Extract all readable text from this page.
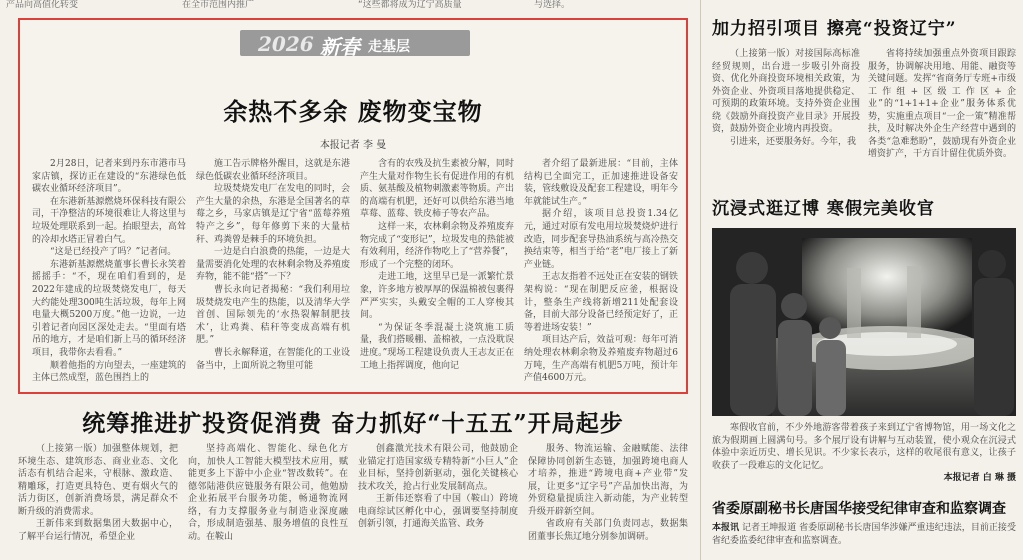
产品向高值化转变	在全市范围内推广	“这些都将成为辽宁高质量	与选择。
2026 新春 走基层
余热不多余 废物变宝物
本报记者 李 曼

2月28日，记者来到丹东市港市马家店镇，探访正在建设的“东港绿色低碳农业循环经济项目”。

在东港新基源燃烧环保科技有限公司，干净整洁的环境很难让人将这里与垃圾处理联系到一起。抬眼望去，高耸的冷却水塔正冒着白气。

“这是已经投产了吗？”记者问。

东港新基源燃烧董事长曹长永笑着摇摇手：“不，现在咱们看到的，是2022年建成的垃圾焚烧发电厂，每天大约能处理300吨生活垃圾，每年上网电量大概5200万度。”他一边说，一边引着记者向园区深处走去。“里面有塔吊的地方，才是咱们新上马的循环经济项目，我带你去看看。”

顺着他指的方向望去，一座建筑的主体已然成型，蓝色围挡上的

施工告示牌格外醒目，这就是东港绿色低碳农业循环经济项目。

垃圾焚烧发电厂在发电的同时，会产生大量的余热，东港是全国著名的草莓之乡，马家店镇是辽宁省“蓝莓养殖特产之乡”，每年修剪下来的大量枯秆、鸡粪曾是棘手的环境负担。

一边是白白浪费的热能，一边是大量需要消化处理的农林剩余物及养殖废弃物，能不能“搭”一下？

曹长永向记者揭秘：“我们利用垃圾焚烧发电产生的热能，以及清华大学首创、国际领先的‘水热裂解制肥技术’，让鸡粪、秸秆等变成高端有机肥。”

曹长永解释道，在智能化的工业设备当中，上面所说之物里可能

含有的农残及抗生素被分解，同时产生大量对作物生长有促进作用的有机质、氨基酸及植物刺激素等物质。产出的高端有机肥，还好可以供给东港当地草莓、蓝莓、铁皮柿子等农产品。

这样一来，农林剩余物及养殖废弃物完成了“变形记”，垃圾发电的热能被有效利用，经济作物吃上了“营养餐”，形成了一个完整的闭环。

走进工地，这里早已是一派繁忙景象，许多地方被厚厚的保温棉被包裹得严严实实，头戴安全帽的工人穿梭其间。

“为保证冬季混凝土浇筑施工质量，我们搭暖棚、盖棉被，一点没耽误进度。”现场工程建设负责人王志友正在工地上指挥调度，他向记

者介绍了最新进展：“目前，主体结构已全面完工，正加速推进设备安装，管线敷设及配套工程建设，明年今年就能试生产。”

据介绍，该项目总投资1.34亿元，通过对原有发电用垃圾焚烧炉进行改造，同步配套导热油系统与高冷热交换结束等，相当于给“老”电厂接上了新产业链。

王志友指着不远处正在安装的钢铁架构说：“现在制肥反应釜，根据设计，整条生产线将新增211处配套设备，目前大部分设备已经预定好了，正等着进场安装！”

项目达产后，效益可观：每年可消纳处理农林剩余物及养殖废弃物超过6万吨，生产高端有机肥5万吨，预计年产值4600万元。

统筹推进扩投资促消费 奋力抓好“十五五”开局起步

（上接第一版）加强整体规划，把环境生态、建筑形态、商业业态、文化活态有机结合起来，守根脉、激政造、精雕琢，打造更具特色、更有烟火气的活力街区，创新消费场景，满足群众不断升级的消费需求。

王新伟来到数据集团大数据中心，了解平台运行情况，希望企业

坚持高端化、智能化、绿色化方向，加快人工智能大模型技术应用，赋能更多上下游中小企业“智改数转”。在德邻陆港供应链服务有限公司，他勉励企业拓展平台服务功能，畅通物流网络，有力支撑服务业与制造业深度融合，形成制造强基、服务增值的良性互动。在鞍山

创鑫激光技术有限公司，他鼓励企业锚定打造国家级专精特新“小巨人”企业目标，坚持创新驱动，强化关键核心技术攻关，抢占行业发展制高点。

王新伟还察看了中国（鞍山）跨境电商综试区孵化中心，强调要坚持制度创新引领，打通海关监管、政务

服务、物流运输、金融赋能、法律保障协同创新生态链，加强跨境电商人才培养，推进“跨境电商+产业带”发展，让更多“辽字号”产品加快出海，为外贸稳量提质注入新动能，为产业转型升级开辟新空间。

省政府有关部门负责同志，数据集团董事长焦辽地分别参加调研。

加力招引项目 擦亮“投资辽宁”

（上接第一版）对接国际高标准经贸规则，出台进一步吸引外商投资、优化外商投资环境相关政策，为外资企业、外资项目落地提供稳定、可预期的政策环境。支持外资企业围绕《鼓励外商投资产业目录》开展投资，鼓励外资企业境内再投资。

引进来，还要服务好。今年，我

省将持续加强重点外资项目跟踪服务，协调解决用地、用能、融资等关键问题。发挥“省商务厅专班+市级工作组+区级工作区+企业”的“1+1+1+企业”服务体系优势，实施重点项目“一企一策”精准帮扶，及时解决外企生产经营中遇到的各类“急难愁盼”，鼓励现有外资企业增资扩产，干方百计留住优质外资。

沉浸式逛辽博 寒假完美收官

寒假收官前，不少外地游客带着孩子来到辽宁省博物馆，用一场文化之旅为假期画上圆满句号。多个展厅设有讲解与互动装置，使小观众在沉浸式体验中亲近历史、增长见识。不少家长表示，这样的收尾很有意义，让孩子收获了一段难忘的文化记忆。

本报记者 白 琳 摄
省委原副秘书长唐国华接受纪律审查和监察调查

本报讯 记者王坤报道 省委原副秘书长唐国华涉嫌严重违纪违法，目前正接受省纪委监委纪律审查和监察调查。
